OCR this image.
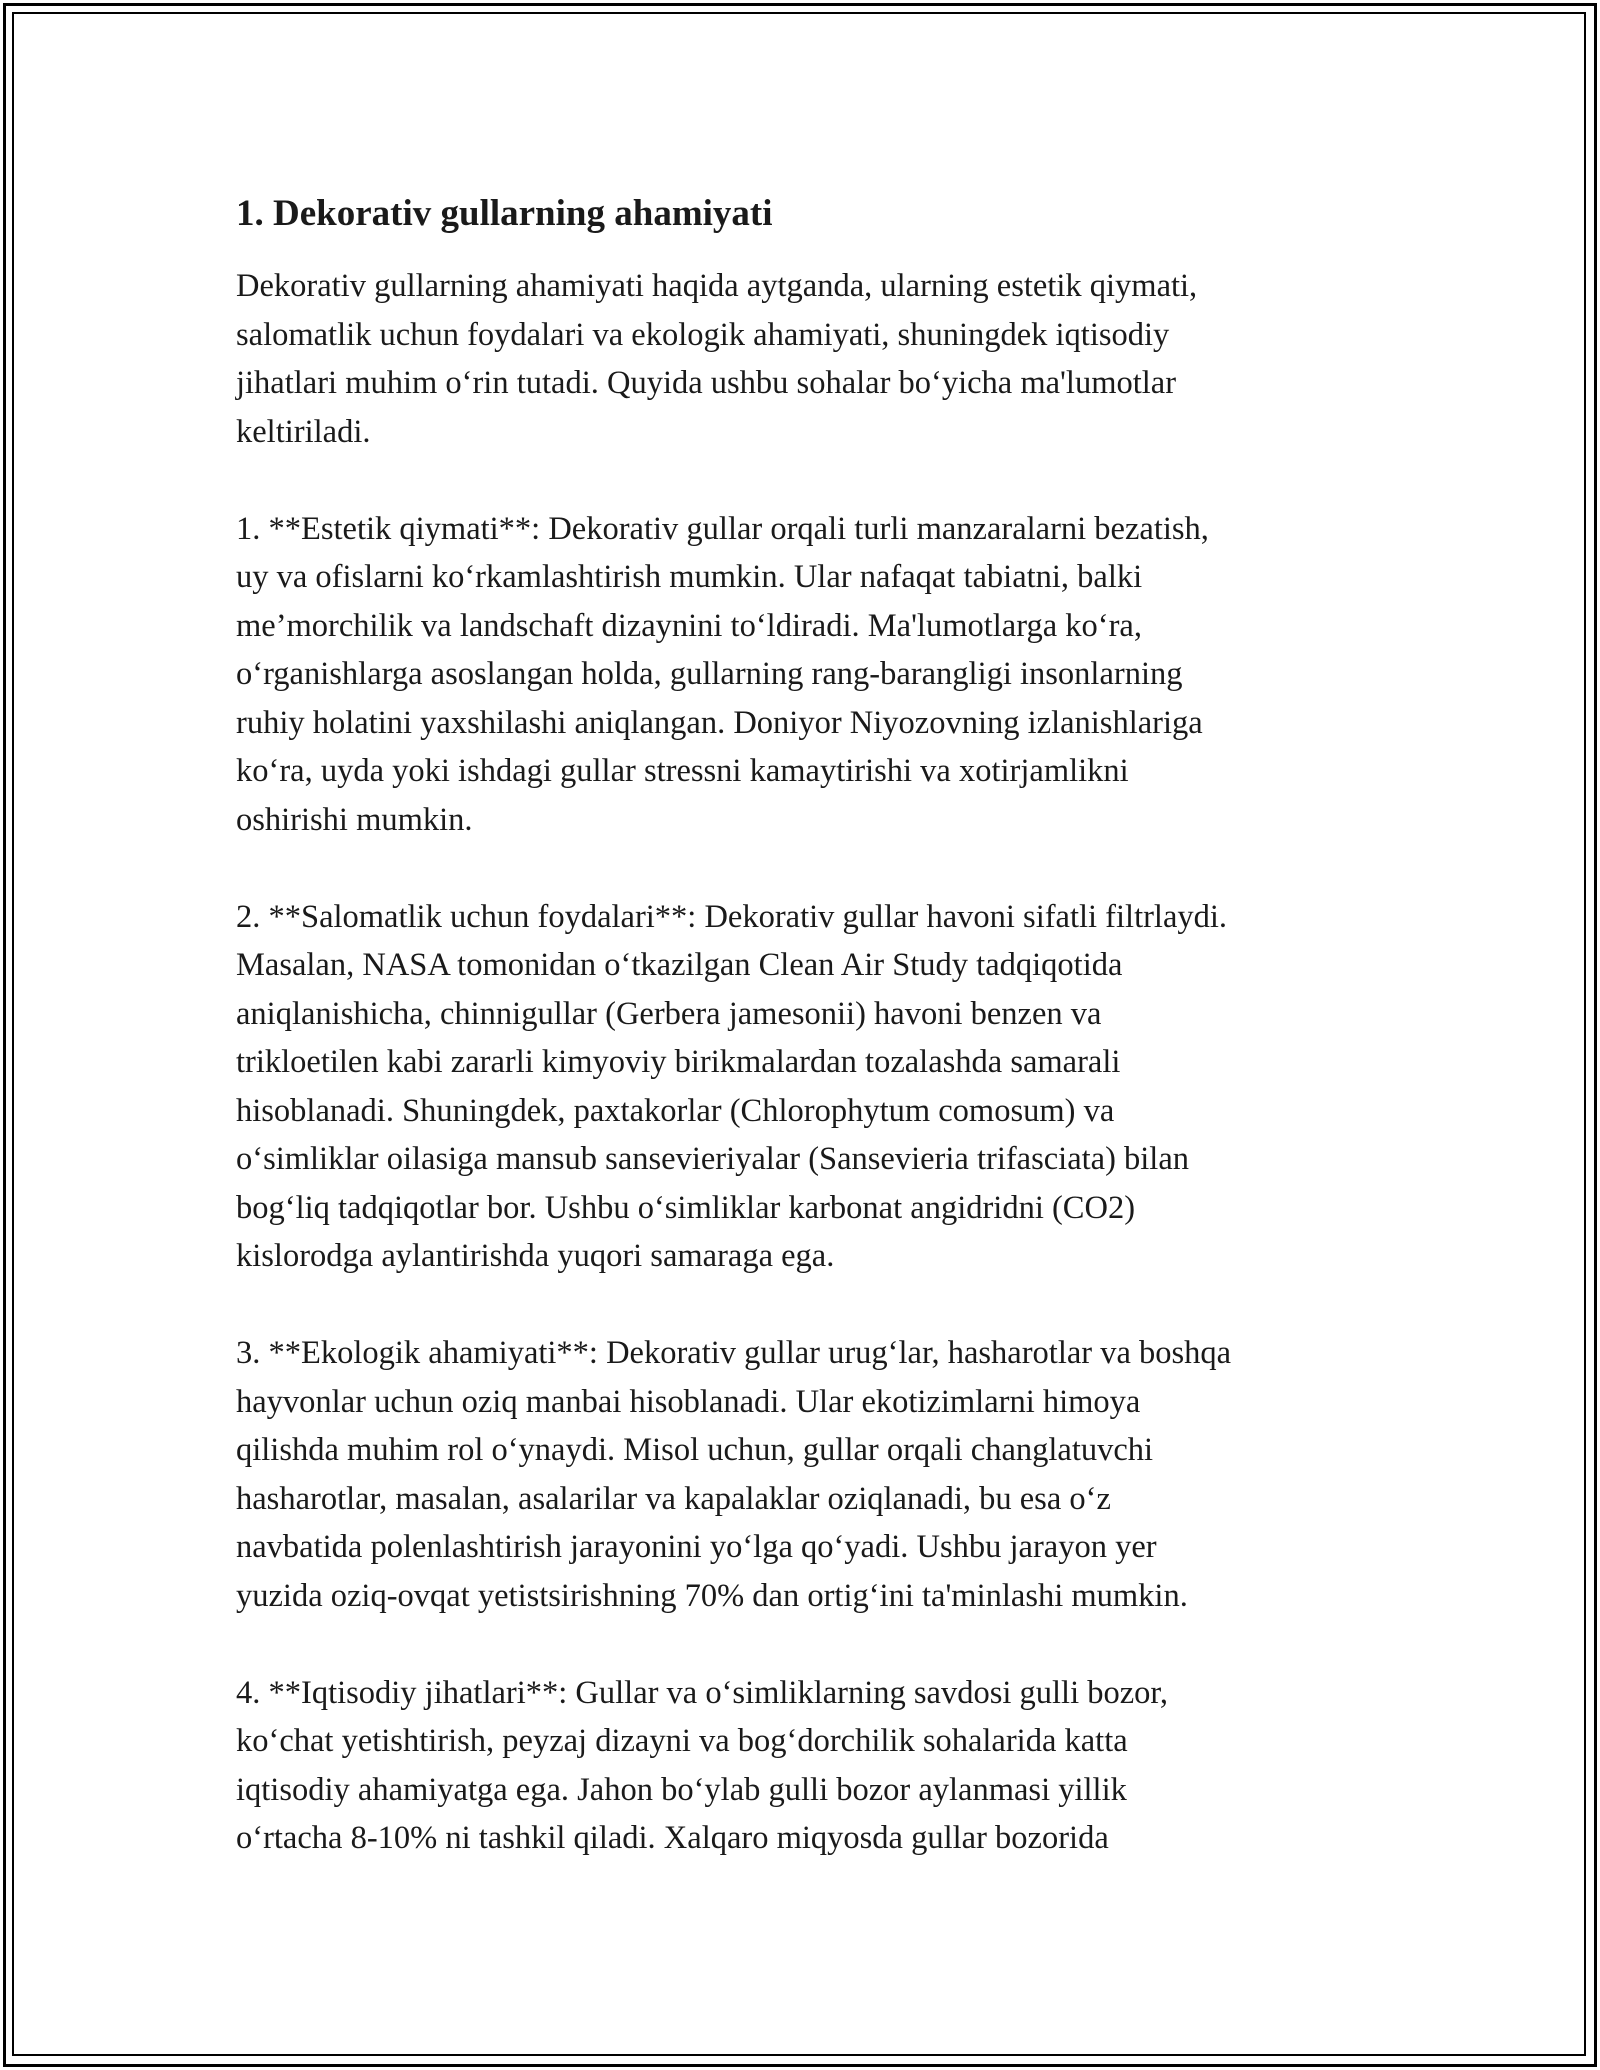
1. Dekorativ gullarning ahamiyati
Dekorativ gullarning ahamiyati haqida aytganda, ularning estetik qiymati,
salomatlik uchun foydalari va ekologik ahamiyati, shuningdek iqtisodiy
jihatlari muhim o‘rin tutadi. Quyida ushbu sohalar bo‘yicha ma'lumotlar
keltiriladi.
1. **Estetik qiymati**: Dekorativ gullar orqali turli manzaralarni bezatish,
uy va ofislarni ko‘rkamlashtirish mumkin. Ular nafaqat tabiatni, balki
me’morchilik va landschaft dizaynini to‘ldiradi. Ma'lumotlarga ko‘ra,
o‘rganishlarga asoslangan holda, gullarning rang-barangligi insonlarning
ruhiy holatini yaxshilashi aniqlangan. Doniyor Niyozovning izlanishlariga
ko‘ra, uyda yoki ishdagi gullar stressni kamaytirishi va xotirjamlikni
oshirishi mumkin.
2. **Salomatlik uchun foydalari**: Dekorativ gullar havoni sifatli filtrlaydi.
Masalan, NASA tomonidan o‘tkazilgan Clean Air Study tadqiqotida
aniqlanishicha, chinnigullar (Gerbera jamesonii) havoni benzen va
trikloetilen kabi zararli kimyoviy birikmalardan tozalashda samarali
hisoblanadi. Shuningdek, paxtakorlar (Chlorophytum comosum) va
o‘simliklar oilasiga mansub sansevieriyalar (Sansevieria trifasciata) bilan
bog‘liq tadqiqotlar bor. Ushbu o‘simliklar karbonat angidridni (CO2)
kislorodga aylantirishda yuqori samaraga ega.
3. **Ekologik ahamiyati**: Dekorativ gullar urug‘lar, hasharotlar va boshqa
hayvonlar uchun oziq manbai hisoblanadi. Ular ekotizimlarni himoya
qilishda muhim rol o‘ynaydi. Misol uchun, gullar orqali changlatuvchi
hasharotlar, masalan, asalarilar va kapalaklar oziqlanadi, bu esa o‘z
navbatida polenlashtirish jarayonini yo‘lga qo‘yadi. Ushbu jarayon yer
yuzida oziq-ovqat yetistsirishning 70% dan ortig‘ini ta'minlashi mumkin.
4. **Iqtisodiy jihatlari**: Gullar va o‘simliklarning savdosi gulli bozor,
ko‘chat yetishtirish, peyzaj dizayni va bog‘dorchilik sohalarida katta
iqtisodiy ahamiyatga ega. Jahon bo‘ylab gulli bozor aylanmasi yillik
o‘rtacha 8-10% ni tashkil qiladi. Xalqaro miqyosda gullar bozorida
